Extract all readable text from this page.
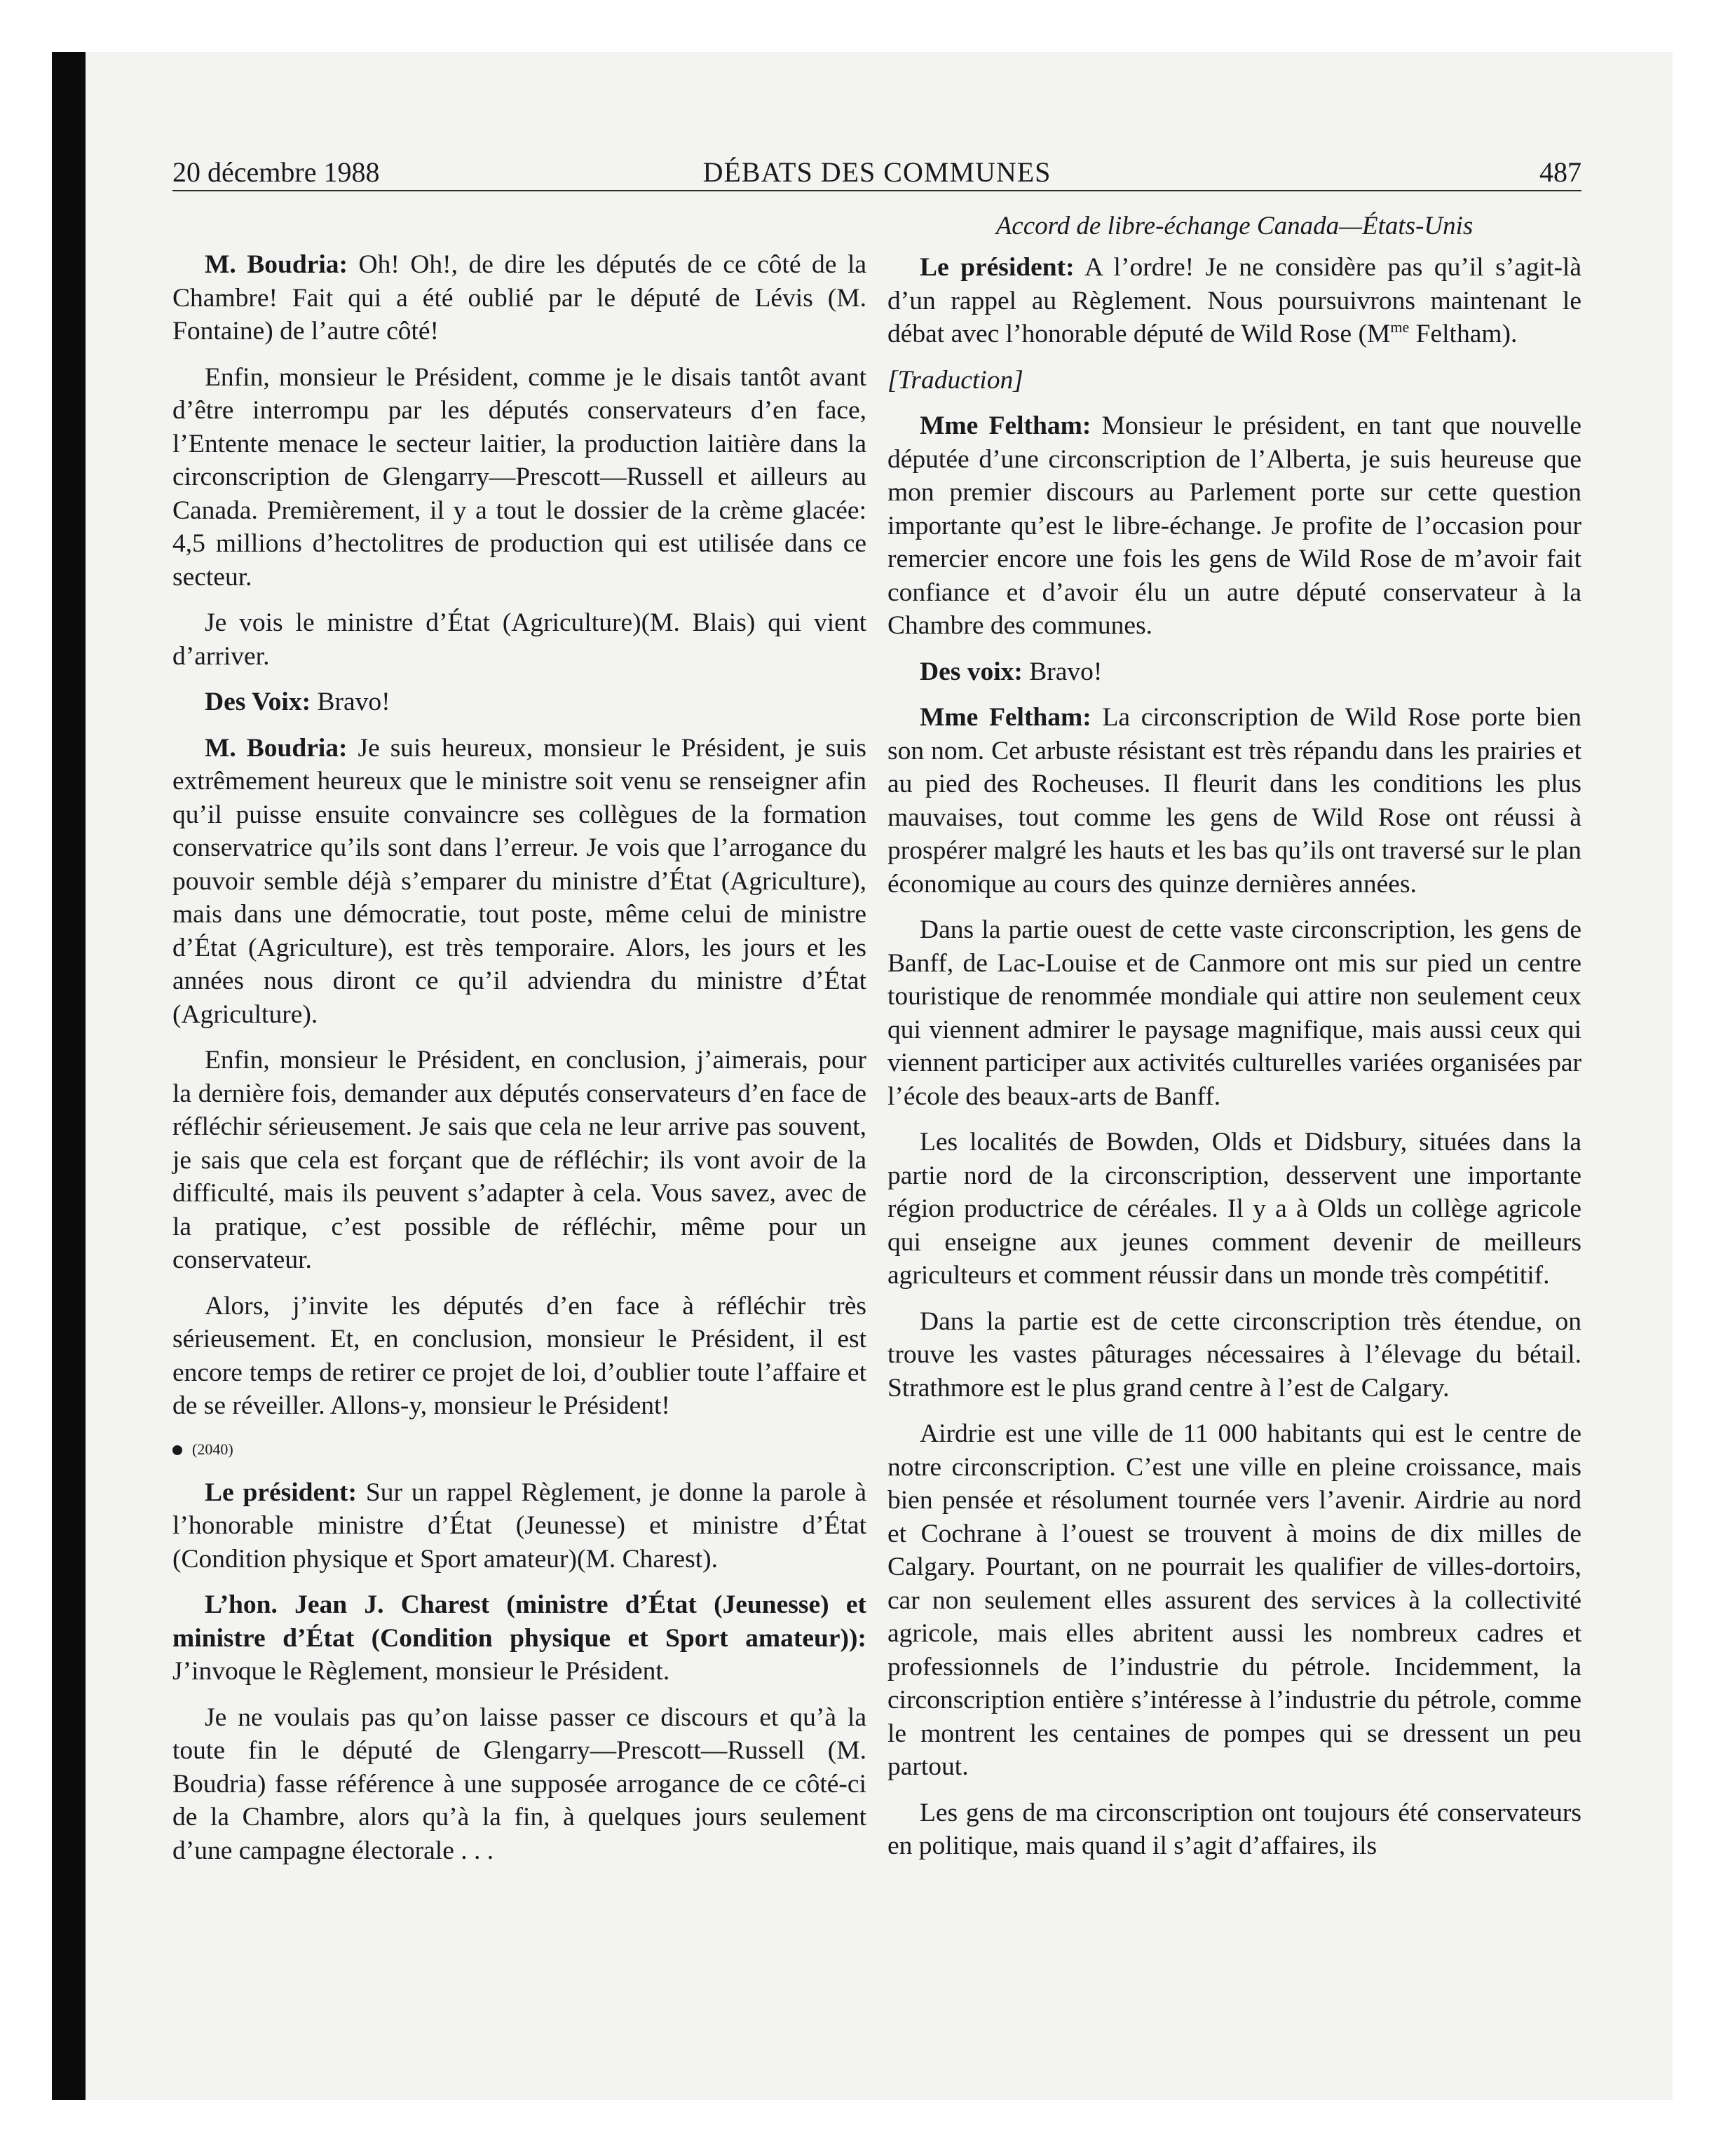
20 décembre 1988	DÉBATS DES COMMUNES	487
Accord de libre-échange Canada—États-Unis

M. Boudria: Oh! Oh!, de dire les députés de ce côté de la Chambre! Fait qui a été oublié par le député de Lévis (M. Fontaine) de l’autre côté!

Enfin, monsieur le Président, comme je le disais tantôt avant d’être interrompu par les députés conservateurs d’en face, l’Entente menace le secteur laitier, la production laitière dans la circonscription de Glengarry—Prescott—Russell et ailleurs au Canada. Premièrement, il y a tout le dossier de la crème glacée: 4,5 millions d’hectolitres de production qui est utilisée dans ce secteur.

Je vois le ministre d’État (Agriculture)(M. Blais) qui vient d’arriver.

Des Voix: Bravo!

M. Boudria: Je suis heureux, monsieur le Président, je suis extrêmement heureux que le ministre soit venu se renseigner afin qu’il puisse ensuite convaincre ses collègues de la formation conservatrice qu’ils sont dans l’erreur. Je vois que l’arrogance du pouvoir semble déjà s’emparer du ministre d’État (Agriculture), mais dans une démocratie, tout poste, même celui de ministre d’État (Agriculture), est très temporaire. Alors, les jours et les années nous diront ce qu’il adviendra du ministre d’État (Agriculture).

Enfin, monsieur le Président, en conclusion, j’aimerais, pour la dernière fois, demander aux députés conservateurs d’en face de réfléchir sérieusement. Je sais que cela ne leur arrive pas souvent, je sais que cela est forçant que de réfléchir; ils vont avoir de la difficulté, mais ils peuvent s’adapter à cela. Vous savez, avec de la pratique, c’est possible de réfléchir, même pour un conservateur.

Alors, j’invite les députés d’en face à réfléchir très sérieusement. Et, en conclusion, monsieur le Président, il est encore temps de retirer ce projet de loi, d’oublier toute l’affaire et de se réveiller. Allons-y, monsieur le Président!

(2040)

Le président: Sur un rappel Règlement, je donne la parole à l’honorable ministre d’État (Jeunesse) et ministre d’État (Condition physique et Sport amateur)(M. Charest).

L’hon. Jean J. Charest (ministre d’État (Jeunesse) et ministre d’État (Condition physique et Sport amateur)): J’invoque le Règlement, monsieur le Président.

Je ne voulais pas qu’on laisse passer ce discours et qu’à la toute fin le député de Glengarry—Prescott—Russell (M. Boudria) fasse référence à une supposée arrogance de ce côté-ci de la Chambre, alors qu’à la fin, à quelques jours seulement d’une campagne électorale . . .

Le président: A l’ordre! Je ne considère pas qu’il s’agit-là d’un rappel au Règlement. Nous poursuivrons maintenant le débat avec l’honorable député de Wild Rose ($M^{me}$ Feltham).

[Traduction]

Mme Feltham: Monsieur le président, en tant que nouvelle députée d’une circonscription de l’Alberta, je suis heureuse que mon premier discours au Parlement porte sur cette question importante qu’est le libre-échange. Je profite de l’occasion pour remercier encore une fois les gens de Wild Rose de m’avoir fait confiance et d’avoir élu un autre député conservateur à la Chambre des communes.

Des voix: Bravo!

Mme Feltham: La circonscription de Wild Rose porte bien son nom. Cet arbuste résistant est très répandu dans les prairies et au pied des Rocheuses. Il fleurit dans les conditions les plus mauvaises, tout comme les gens de Wild Rose ont réussi à prospérer malgré les hauts et les bas qu’ils ont traversé sur le plan économique au cours des quinze dernières années.

Dans la partie ouest de cette vaste circonscription, les gens de Banff, de Lac-Louise et de Canmore ont mis sur pied un centre touristique de renommée mondiale qui attire non seulement ceux qui viennent admirer le paysage magnifique, mais aussi ceux qui viennent participer aux activités culturelles variées organisées par l’école des beaux-arts de Banff.

Les localités de Bowden, Olds et Didsbury, situées dans la partie nord de la circonscription, desservent une importante région productrice de céréales. Il y a à Olds un collège agricole qui enseigne aux jeunes comment devenir de meilleurs agriculteurs et comment réussir dans un monde très compétitif.

Dans la partie est de cette circonscription très étendue, on trouve les vastes pâturages nécessaires à l’élevage du bétail. Strathmore est le plus grand centre à l’est de Calgary.

Airdrie est une ville de 11 000 habitants qui est le centre de notre circonscription. C’est une ville en pleine croissance, mais bien pensée et résolument tournée vers l’avenir. Airdrie au nord et Cochrane à l’ouest se trouvent à moins de dix milles de Calgary. Pourtant, on ne pourrait les qualifier de villes-dortoirs, car non seulement elles assurent des services à la collectivité agricole, mais elles abritent aussi les nombreux cadres et professionnels de l’industrie du pétrole. Incidemment, la circonscription entière s’intéresse à l’industrie du pétrole, comme le montrent les centaines de pompes qui se dressent un peu partout.

Les gens de ma circonscription ont toujours été conservateurs en politique, mais quand il s’agit d’affaires, ils
